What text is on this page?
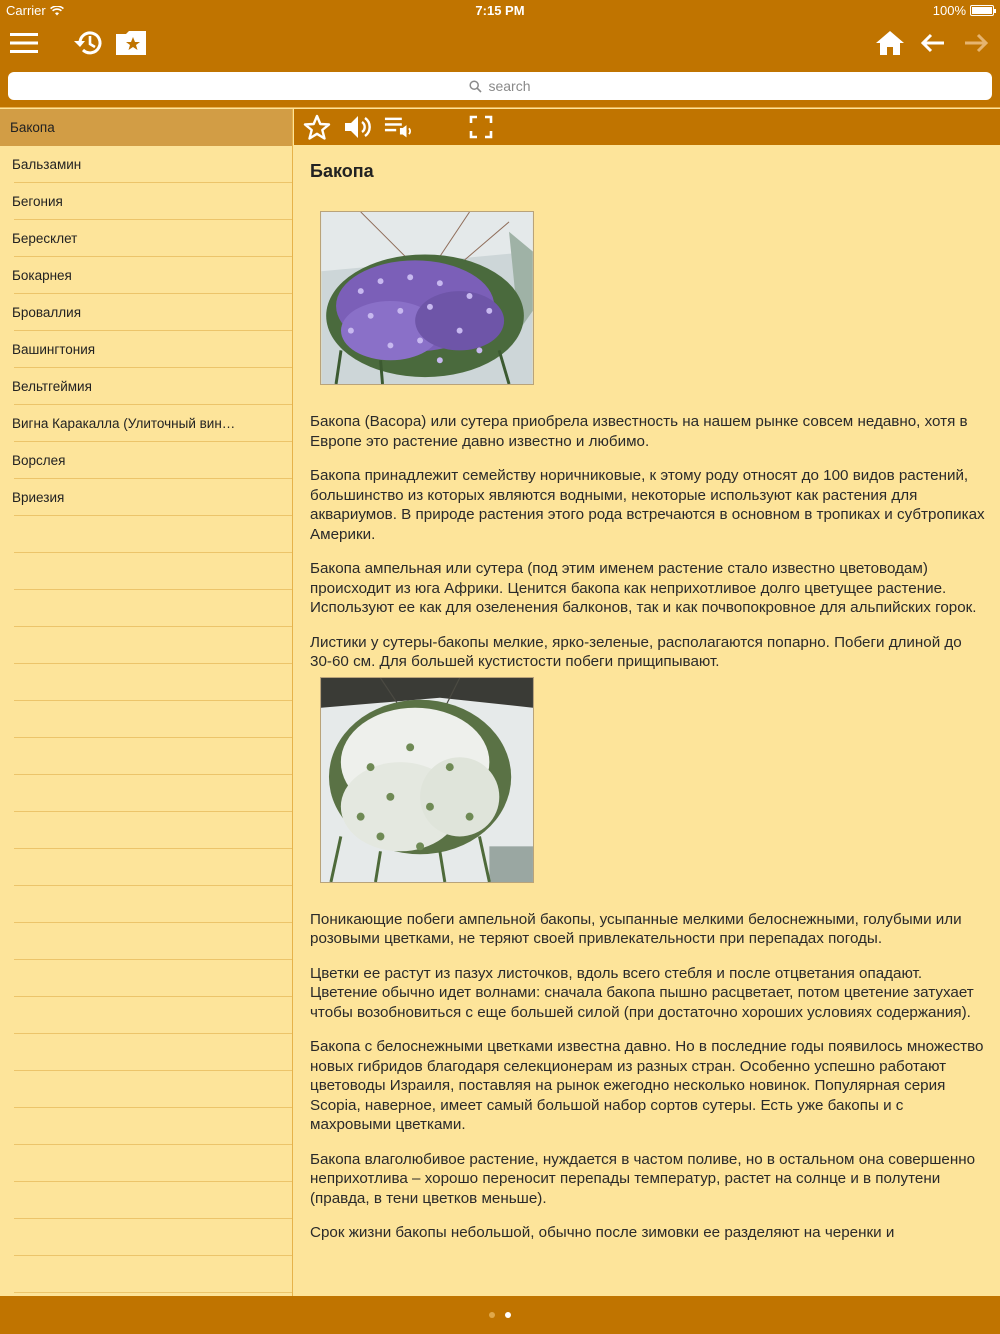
Carrier	7:15 PM	100%
search
Бакопа
Бальзамин
Бегония
Бересклет
Бокарнея
Броваллия
Вашингтония
Вельтгеймия
Вигна Каракалла (Улиточный вин…
Ворслея
Вриезия
Бакопа

Бакопа (Васора) или сутера приобрела известность на нашем рынке совсем недавно, хотя в Европе это растение давно известно и любимо.

Бакопа принадлежит семейству норичниковые, к этому роду относят до 100 видов растений, большинство из которых являются водными, некоторые используют как растения для аквариумов. В природе растения этого рода встречаются в основном в тропиках и субтропиках Америки.

Бакопа ампельная или сутера (под этим именем растение стало известно цветоводам) происходит из юга Африки. Ценится бакопа как неприхотливое долго цветущее растение. Используют ее как для озеленения балконов, так и как почвопокровное для альпийских горок.

Листики у сутеры-бакопы мелкие, ярко-зеленые, располагаются попарно. Побеги длиной до 30-60 см. Для большей кустистости побеги прищипывают.

Поникающие побеги ампельной бакопы, усыпанные мелкими белоснежными, голубыми или розовыми цветками, не теряют своей привлекательности при перепадах погоды.

Цветки ее растут из пазух листочков, вдоль всего стебля и после отцветания опадают. Цветение обычно идет волнами: сначала бакопа пышно расцветает, потом цветение затухает чтобы возобновиться с еще большей силой (при достаточно хороших условиях содержания).

Бакопа с белоснежными цветками известна давно. Но в последние годы появилось множество новых гибридов благодаря селекционерам из разных стран. Особенно успешно работают цветоводы Израиля, поставляя на рынок ежегодно несколько новинок. Популярная серия Scopia, наверное, имеет самый большой набор сортов сутеры. Есть уже бакопы и с махровыми цветками.

Бакопа влаголюбивое растение, нуждается в частом поливе, но в остальном она совершенно неприхотлива – хорошо переносит перепады температур, растет на солнце и в полутени (правда, в тени цветков меньше).

Срок жизни бакопы небольшой, обычно после зимовки ее разделяют на черенки и
